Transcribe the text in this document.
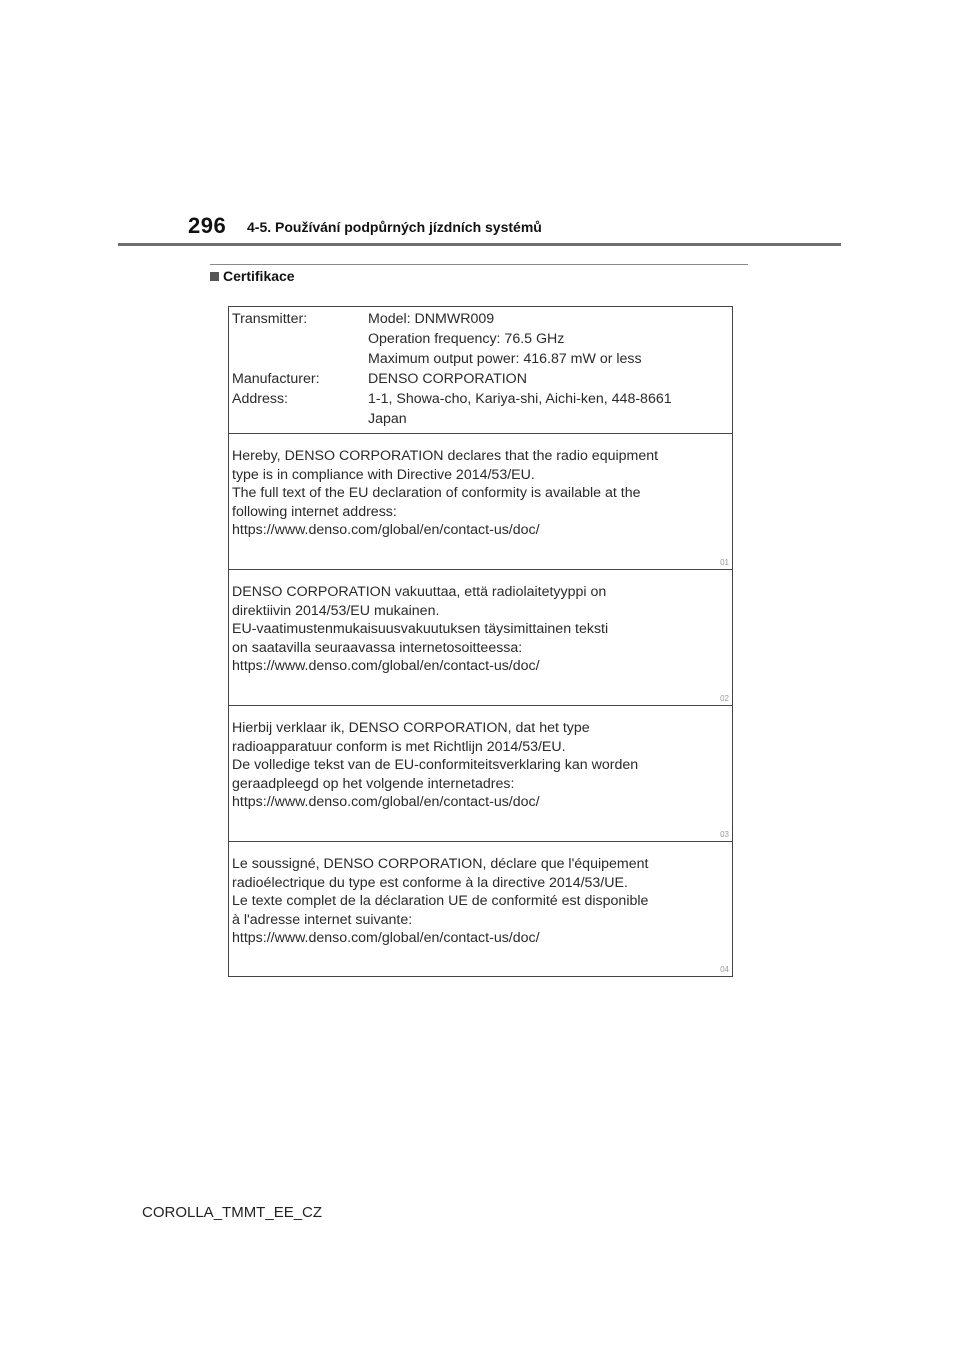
296 4-5. Používání podpůrných jízdních systémů
Certifikace
Transmitter:	Model: DNMWR009
Operation frequency: 76.5 GHz
Maximum output power: 416.87 mW or less
Manufacturer:	DENSO CORPORATION
Address:	1-1, Showa-cho, Kariya-shi, Aichi-ken, 448-8661
Japan
Hereby, DENSO CORPORATION declares that the radio equipment
type is in compliance with Directive 2014/53/EU.
The full text of the EU declaration of conformity is available at the
following internet address:
https://www.denso.com/global/en/contact-us/doc/
01
DENSO CORPORATION vakuuttaa, että radiolaitetyyppi on
direktiivin 2014/53/EU mukainen.
EU-vaatimustenmukaisuusvakuutuksen täysimittainen teksti
on saatavilla seuraavassa internetosoitteessa:
https://www.denso.com/global/en/contact-us/doc/
02
Hierbij verklaar ik, DENSO CORPORATION, dat het type
radioapparatuur conform is met Richtlijn 2014/53/EU.
De volledige tekst van de EU-conformiteitsverklaring kan worden
geraadpleegd op het volgende internetadres:
https://www.denso.com/global/en/contact-us/doc/
03
Le soussigné, DENSO CORPORATION, déclare que l'équipement
radioélectrique du type est conforme à la directive 2014/53/UE.
Le texte complet de la déclaration UE de conformité est disponible
à l'adresse internet suivante:
https://www.denso.com/global/en/contact-us/doc/
04
COROLLA_TMMT_EE_CZ
